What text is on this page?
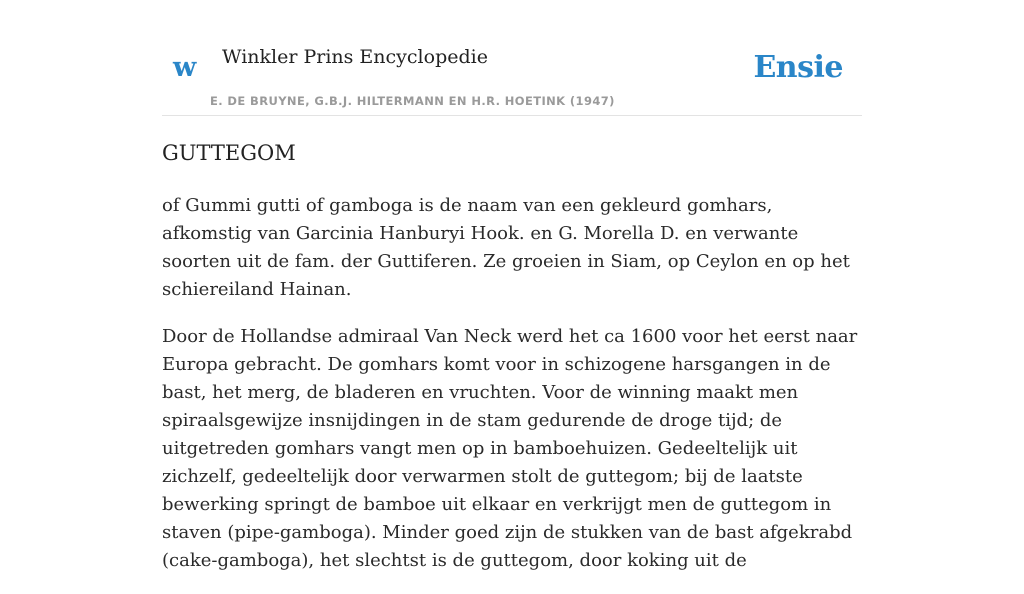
w Winkler Prins Encyclopedie
E. DE BRUYNE, G.B.J. HILTERMANN EN H.R. HOETINK (1947)
Ensie
GUTTEGOM

of Gummi gutti of gamboga is de naam van een gekleurd gomhars, afkomstig van Garcinia Hanburyi Hook. en G. Morella D. en verwante soorten uit de fam. der Guttiferen. Ze groeien in Siam, op Ceylon en op het schiereiland Hainan.

Door de Hollandse admiraal Van Neck werd het ca 1600 voor het eerst naar Europa gebracht. De gomhars komt voor in schizogene harsgangen in de bast, het merg, de bladeren en vruchten. Voor de winning maakt men spiraalsgewijze insnijdingen in de stam gedurende de droge tijd; de uitgetreden gomhars vangt men op in bamboehuizen. Gedeeltelijk uit zichzelf, gedeeltelijk door verwarmen stolt de guttegom; bij de laatste bewerking springt de bamboe uit elkaar en verkrijgt men de guttegom in staven (pipe-gamboga). Minder goed zijn de stukken van de bast afgekrabd (cake-gamboga), het slechtst is de guttegom, door koking uit de
